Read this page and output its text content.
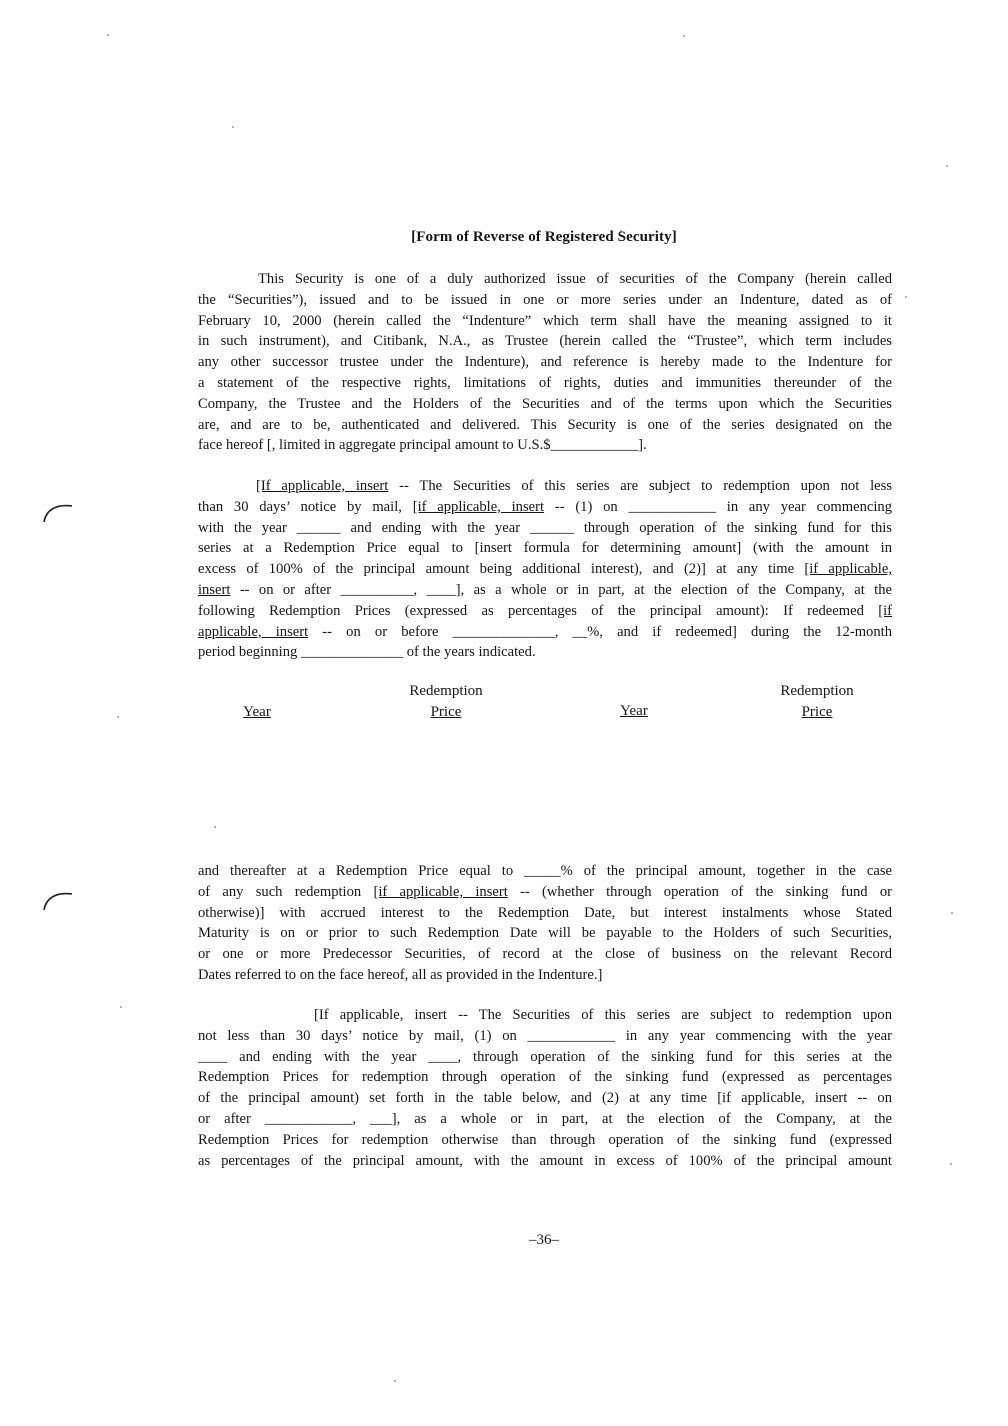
[Form of Reverse of Registered Security]
This Security is one of a duly authorized issue of securities of the Company (herein called
the “Securities”), issued and to be issued in one or more series under an Indenture, dated as of
February 10, 2000 (herein called the “Indenture” which term shall have the meaning assigned to it
in such instrument), and Citibank, N.A., as Trustee (herein called the “Trustee”, which term includes
any other successor trustee under the Indenture), and reference is hereby made to the Indenture for
a statement of the respective rights, limitations of rights, duties and immunities thereunder of the
Company, the Trustee and the Holders of the Securities and of the terms upon which the Securities
are, and are to be, authenticated and delivered. This Security is one of the series designated on the
face hereof [, limited in aggregate principal amount to U.S.$____________].
[If applicable, insert -- The Securities of this series are subject to redemption upon not less
than 30 days’ notice by mail, [if applicable, insert -- (1) on ____________ in any year commencing
with the year ______ and ending with the year ______ through operation of the sinking fund for this
series at a Redemption Price equal to [insert formula for determining amount] (with the amount in
excess of 100% of the principal amount being additional interest), and (2)] at any time [if applicable,
insert -- on or after __________, ____], as a whole or in part, at the election of the Company, at the
following Redemption Prices (expressed as percentages of the principal amount): If redeemed [if
applicable, insert -- on or before ______________, __%, and if redeemed] during the 12-month
period beginning ______________ of the years indicated.
Year
Redemption
Price	Year
Redemption
Price
and thereafter at a Redemption Price equal to _____% of the principal amount, together in the case
of any such redemption [if applicable, insert -- (whether through operation of the sinking fund or
otherwise)] with accrued interest to the Redemption Date, but interest instalments whose Stated
Maturity is on or prior to such Redemption Date will be payable to the Holders of such Securities,
or one or more Predecessor Securities, of record at the close of business on the relevant Record
Dates referred to on the face hereof, all as provided in the Indenture.]
[If applicable, insert -- The Securities of this series are subject to redemption upon
not less than 30 days’ notice by mail, (1) on ____________ in any year commencing with the year
____ and ending with the year ____, through operation of the sinking fund for this series at the
Redemption Prices for redemption through operation of the sinking fund (expressed as percentages
of the principal amount) set forth in the table below, and (2) at any time [if applicable, insert -- on
or after ____________, ___], as a whole or in part, at the election of the Company, at the
Redemption Prices for redemption otherwise than through operation of the sinking fund (expressed
as percentages of the principal amount, with the amount in excess of 100% of the principal amount
–36–
